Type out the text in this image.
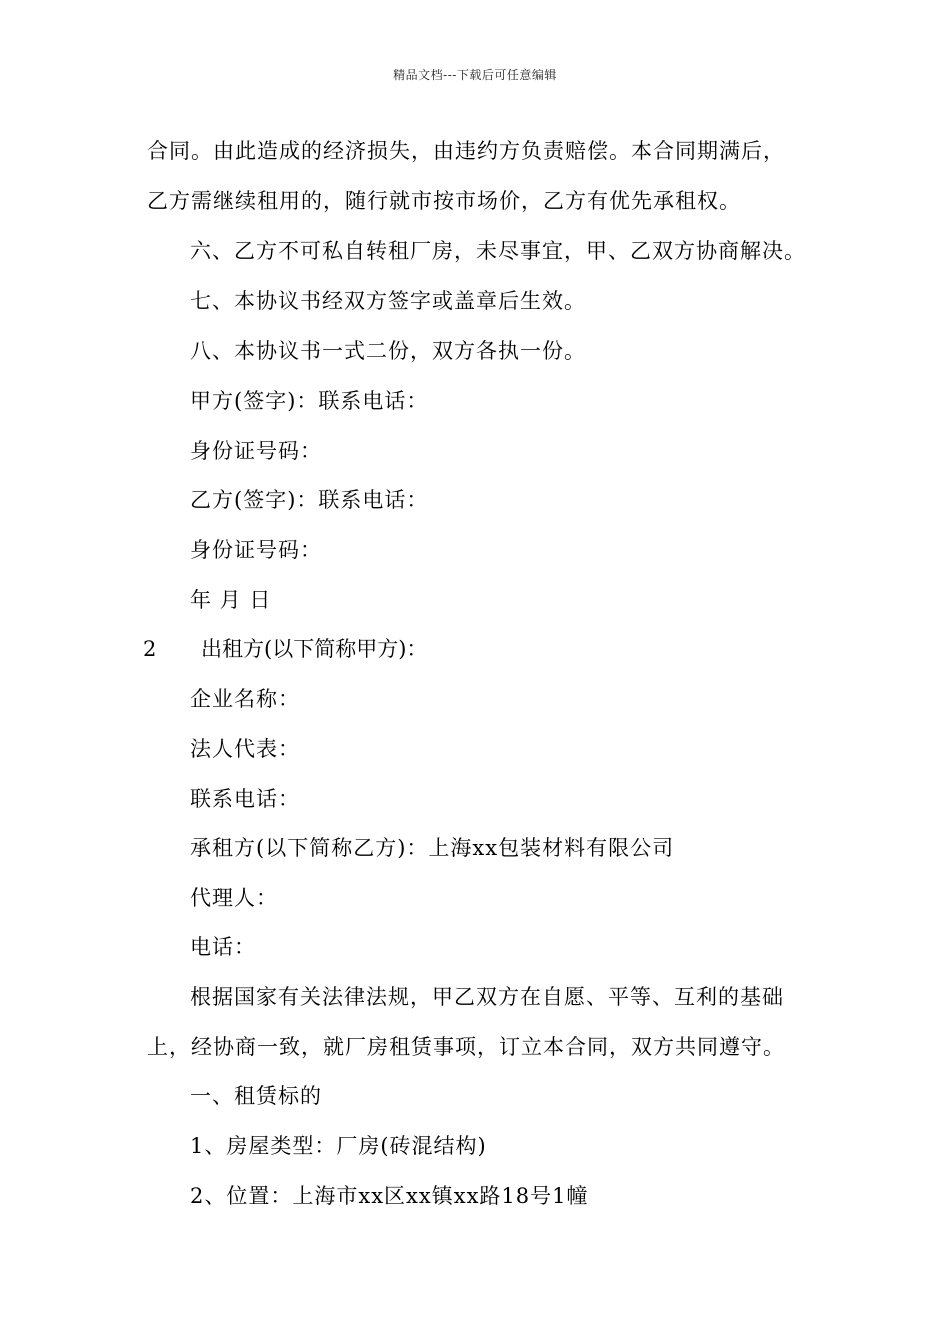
精品文档---下载后可任意编辑
合同。由此造成的经济损失，由违约方负责赔偿。本合同期满后，
乙方需继续租用的，随行就市按市场价，乙方有优先承租权。
六、乙方不可私自转租厂房，未尽事宜，甲、乙双方协商解决。
七、本协议书经双方签字或盖章后生效。
八、本协议书一式二份，双方各执一份。
甲方(签字)：联系电话：
身份证号码：
乙方(签字)：联系电话：
身份证号码：
年 月 日
2 出租方(以下简称甲方)：
企业名称：
法人代表：
联系电话：
承租方(以下简称乙方)：上海xx包装材料有限公司
代理人：
电话：
根据国家有关法律法规，甲乙双方在自愿、平等、互利的基础
上，经协商一致，就厂房租赁事项，订立本合同，双方共同遵守。
一、租赁标的
1、房屋类型：厂房(砖混结构)
2、位置：上海市xx区xx镇xx路18号1幢
